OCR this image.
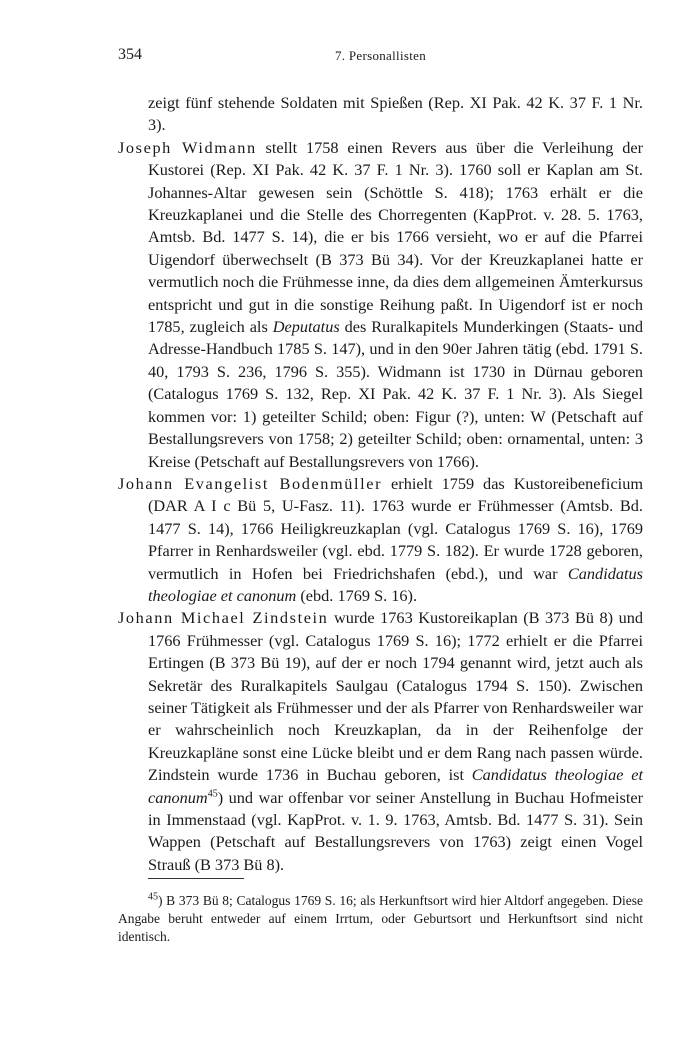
354	7. Personallisten

zeigt fünf stehende Soldaten mit Spießen (Rep. XI Pak. 42 K. 37 F. 1 Nr. 3).

Joseph Widmann stellt 1758 einen Revers aus über die Verleihung der Kustorei (Rep. XI Pak. 42 K. 37 F. 1 Nr. 3). 1760 soll er Kaplan am St. Johannes-Altar gewesen sein (Schöttle S. 418); 1763 erhält er die Kreuzkaplanei und die Stelle des Chorregenten (KapProt. v. 28. 5. 1763, Amtsb. Bd. 1477 S. 14), die er bis 1766 versieht, wo er auf die Pfarrei Uigendorf überwechselt (B 373 Bü 34). Vor der Kreuzkaplanei hatte er vermutlich noch die Frühmesse inne, da dies dem allgemeinen Ämterkursus entspricht und gut in die sonstige Reihung paßt. In Uigendorf ist er noch 1785, zugleich als Deputatus des Ruralkapitels Munderkingen (Staats- und Adresse-Handbuch 1785 S. 147), und in den 90er Jahren tätig (ebd. 1791 S. 40, 1793 S. 236, 1796 S. 355). Widmann ist 1730 in Dürnau geboren (Catalogus 1769 S. 132, Rep. XI Pak. 42 K. 37 F. 1 Nr. 3). Als Siegel kommen vor: 1) geteilter Schild; oben: Figur (?), unten: W (Petschaft auf Bestallungsrevers von 1758; 2) geteilter Schild; oben: ornamental, unten: 3 Kreise (Petschaft auf Bestallungsrevers von 1766).

Johann Evangelist Bodenmüller erhielt 1759 das Kustoreibeneficium (DAR A I c Bü 5, U-Fasz. 11). 1763 wurde er Frühmesser (Amtsb. Bd. 1477 S. 14), 1766 Heiligkreuzkaplan (vgl. Catalogus 1769 S. 16), 1769 Pfarrer in Renhardsweiler (vgl. ebd. 1779 S. 182). Er wurde 1728 geboren, vermutlich in Hofen bei Friedrichshafen (ebd.), und war Candidatus theologiae et canonum (ebd. 1769 S. 16).

Johann Michael Zindstein wurde 1763 Kustoreikaplan (B 373 Bü 8) und 1766 Frühmesser (vgl. Catalogus 1769 S. 16); 1772 erhielt er die Pfarrei Ertingen (B 373 Bü 19), auf der er noch 1794 genannt wird, jetzt auch als Sekretär des Ruralkapitels Saulgau (Catalogus 1794 S. 150). Zwischen seiner Tätigkeit als Frühmesser und der als Pfarrer von Renhardsweiler war er wahrscheinlich noch Kreuzkaplan, da in der Reihenfolge der Kreuzkapläne sonst eine Lücke bleibt und er dem Rang nach passen würde. Zindstein wurde 1736 in Buchau geboren, ist Candidatus theologiae et canonum$^{45}$) und war offenbar vor seiner Anstellung in Buchau Hofmeister in Immenstaad (vgl. KapProt. v. 1. 9. 1763, Amtsb. Bd. 1477 S. 31). Sein Wappen (Petschaft auf Bestallungsrevers von 1763) zeigt einen Vogel Strauß (B 373 Bü 8).

$^{45}$) B 373 Bü 8; Catalogus 1769 S. 16; als Herkunftsort wird hier Altdorf angegeben. Diese Angabe beruht entweder auf einem Irrtum, oder Geburtsort und Herkunftsort sind nicht identisch.
